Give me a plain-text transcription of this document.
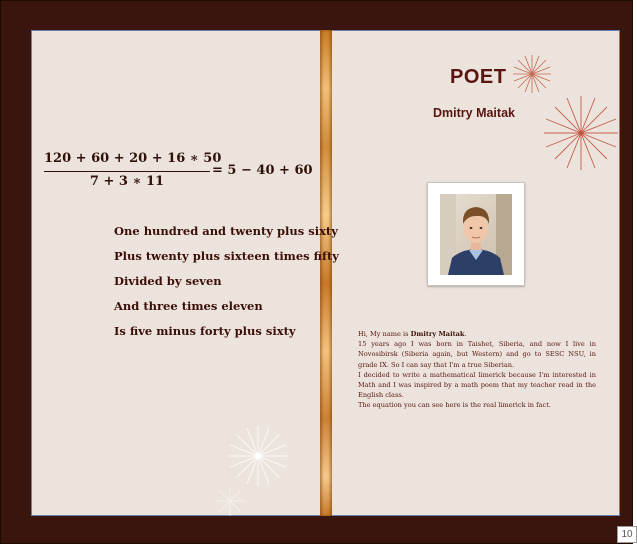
120 + 60 + 20 + 16 ∗ 50
7 + 3 ∗ 11
= 5 − 40 + 60
One hundred and twenty plus sixty
Plus twenty plus sixteen times fifty
Divided by seven
And three times eleven
Is five minus forty plus sixty
POET
Dmitry Maitak

Hi, My name is Dmitry Maitak.

15 years ago I was born in Taishet, Siberia, and now I live in Novosibirsk (Siberia again, but Western) and go to SESC NSU, in grade IX. So I can say that I'm a true Siberian.

I decided to write a mathematical limerick because I'm interested in Math and I was inspired by a math poem that my teacher read in the English class.

The equation you can see here is the real limerick in fact.

10
